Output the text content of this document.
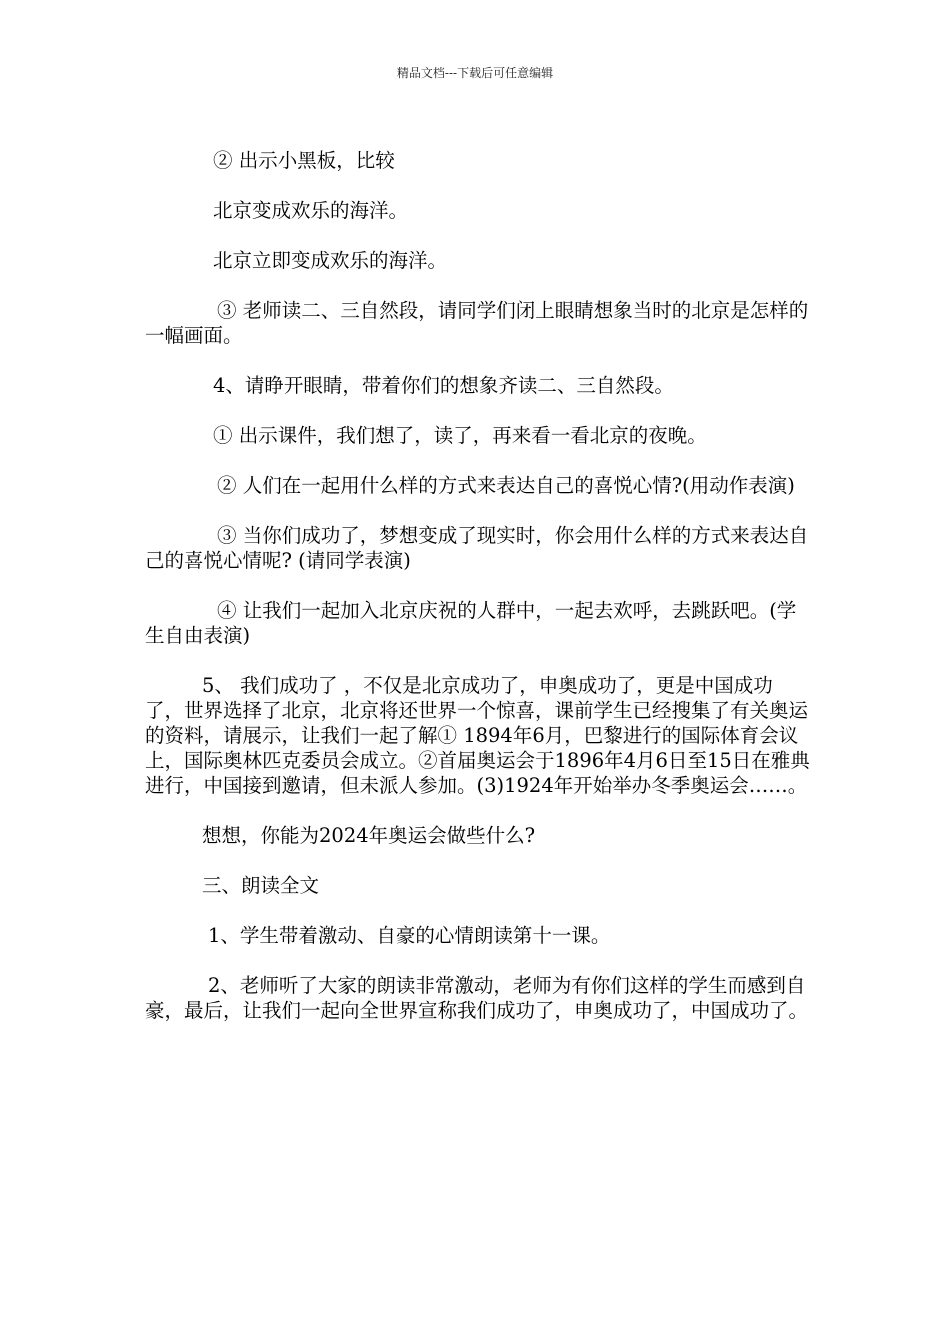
精品文档---下载后可任意编辑

② 出示小黑板，比较

北京变成欢乐的海洋。

北京立即变成欢乐的海洋。

③ 老师读二、三自然段，请同学们闭上眼睛想象当时的北京是怎样的一幅画面。

4、请睁开眼睛，带着你们的想象齐读二、三自然段。

① 出示课件，我们想了，读了，再来看一看北京的夜晚。

② 人们在一起用什么样的方式来表达自己的喜悦心情?(用动作表演)

③ 当你们成功了，梦想变成了现实时，你会用什么样的方式来表达自己的喜悦心情呢? (请同学表演)

④ 让我们一起加入北京庆祝的人群中，一起去欢呼，去跳跃吧。(学生自由表演)

5、 我们成功了 ，不仅是北京成功了，申奥成功了，更是中国成功了，世界选择了北京，北京将还世界一个惊喜，课前学生已经搜集了有关奥运的资料，请展示，让我们一起了解① 1894年6月，巴黎进行的国际体育会议上，国际奥林匹克委员会成立。②首届奥运会于1896年4月6日至15日在雅典进行，中国接到邀请，但未派人参加。(3)1924年开始举办冬季奥运会……。

想想，你能为2024年奥运会做些什么?

三、朗读全文

1、学生带着激动、自豪的心情朗读第十一课。

2、老师听了大家的朗读非常激动，老师为有你们这样的学生而感到自豪，最后，让我们一起向全世界宣称我们成功了，申奥成功了，中国成功了。
